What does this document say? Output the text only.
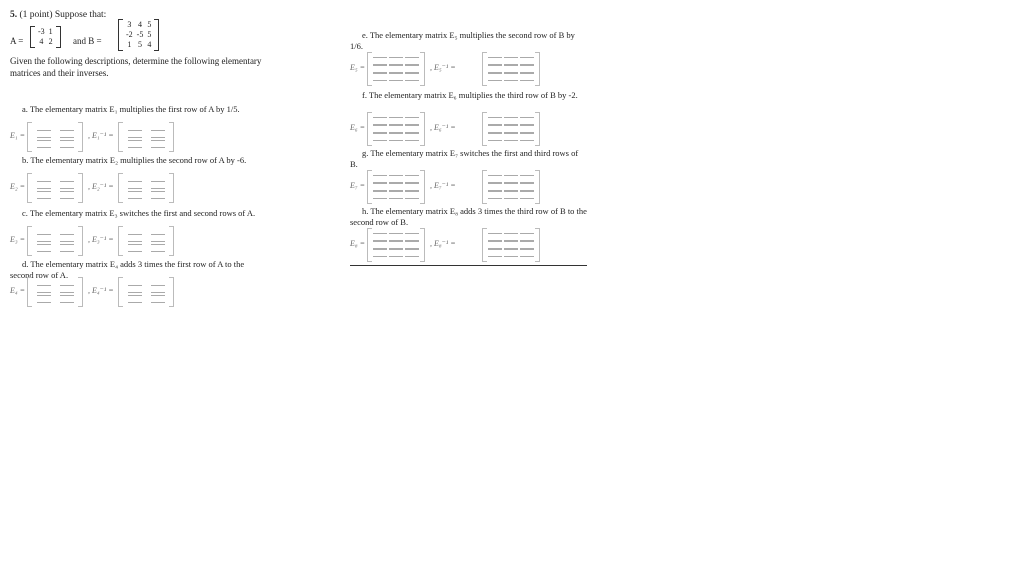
5. (1 point) Suppose that:
A =
-3 1
4 2 and B =
3 4 5
-2 -5 5
1 5 4
Given the following descriptions, determine the following elementary matrices and their inverses.
a. The elementary matrix E₁ multiplies the first row of A by 1/5.
E₁ =	, E₁⁻¹ =
b. The elementary matrix E₂ multiplies the second row of A by -6.
E₂ =	, E₂⁻¹ =
c. The elementary matrix E₃ switches the first and second rows of A.
E₃ =	, E₃⁻¹ =
d. The elementary matrix E₄ adds 3 times the first row of A to the second row of A.
E₄ =	, E₄⁻¹ =
e. The elementary matrix E₅ multiplies the second row of B by 1/6.
E₅ =	, E₅⁻¹ =
f. The elementary matrix E₆ multiplies the third row of B by -2.
E₆ =	, E₆⁻¹ =
g. The elementary matrix E₇ switches the first and third rows of B.
E₇ =	, E₇⁻¹ =
h. The elementary matrix E₈ adds 3 times the third row of B to the second row of B.
E₈ =	, E₈⁻¹ =
